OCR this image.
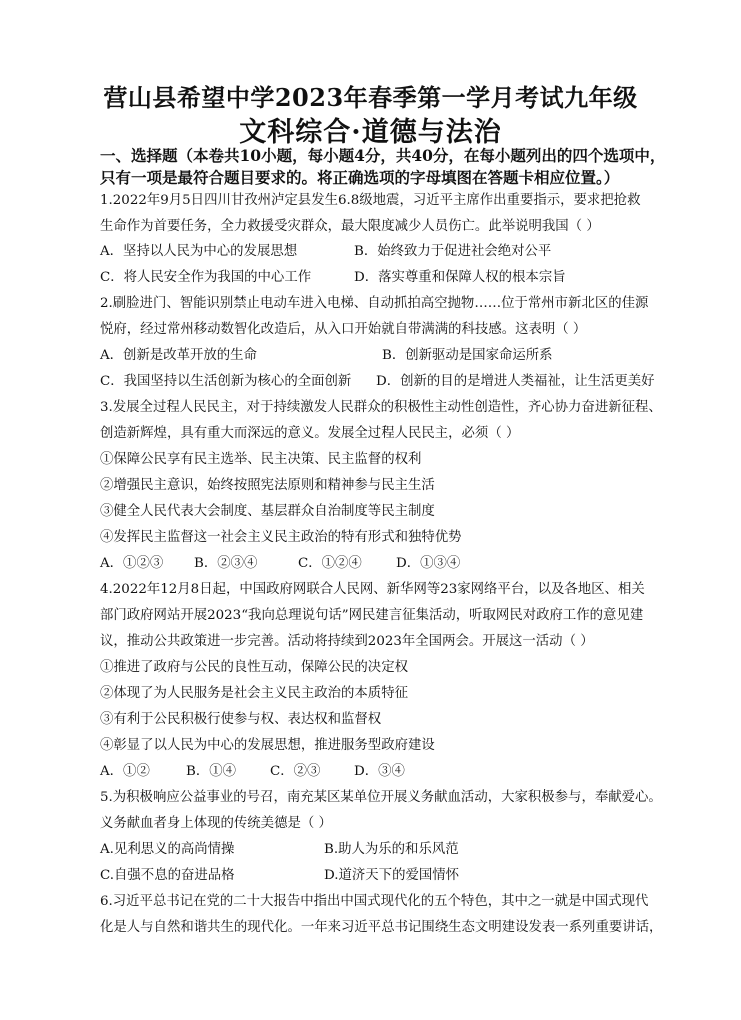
营山县希望中学2023年春季第一学月考试九年级
文科综合·道德与法治
一、选择题（本卷共10小题，每小题4分，共40分，在每小题列出的四个选项中，
只有一项是最符合题目要求的。将正确选项的字母填图在答题卡相应位置。）
1.2022年9月5日四川甘孜州泸定县发生6.8级地震，习近平主席作出重要指示，要求把抢救
生命作为首要任务，全力救援受灾群众，最大限度减少人员伤亡。此举说明我国（ ）
A．坚持以人民为中心的发展思想	B．始终致力于促进社会绝对公平
C．将人民安全作为我国的中心工作	D．落实尊重和保障人权的根本宗旨
2.刷脸进门、智能识别禁止电动车进入电梯、自动抓拍高空抛物……位于常州市新北区的佳源
悦府，经过常州移动数智化改造后，从入口开始就自带满满的科技感。这表明（ ）
A．创新是改革开放的生命	B．创新驱动是国家命运所系
C．我国坚持以生活创新为核心的全面创新 D．创新的目的是增进人类福祉，让生活更美好
3.发展全过程人民民主，对于持续激发人民群众的积极性主动性创造性，齐心协力奋进新征程、
创造新辉煌，具有重大而深远的意义。发展全过程人民民主，必须（ ）
①保障公民享有民主选举、民主决策、民主监督的权利
②增强民主意识，始终按照宪法原则和精神参与民主生活
③健全人民代表大会制度、基层群众自治制度等民主制度
④发挥民主监督这一社会主义民主政治的特有形式和独特优势
A．①②③ B．②③④	C．①②④	D．①③④
4.2022年12月8日起，中国政府网联合人民网、新华网等23家网络平台，以及各地区、相关
部门政府网站开展2023“我向总理说句话”网民建言征集活动，听取网民对政府工作的意见建
议，推动公共政策进一步完善。活动将持续到2023年全国两会。开展这一活动（ ）
①推进了政府与公民的良性互动，保障公民的决定权
②体现了为人民服务是社会主义民主政治的本质特征
③有利于公民积极行使参与权、表达权和监督权
④彰显了以人民为中心的发展思想，推进服务型政府建设
A．①②	B．①④	C．②③	D．③④
5.为积极响应公益事业的号召，南充某区某单位开展义务献血活动，大家积极参与，奉献爱心。
义务献血者身上体现的传统美德是（ ）
A.见利思义的高尚情操	B.助人为乐的和乐风范
C.自强不息的奋进品格	D.道济天下的爱国情怀
6.习近平总书记在党的二十大报告中指出中国式现代化的五个特色，其中之一就是中国式现代
化是人与自然和谐共生的现代化。一年来习近平总书记围绕生态文明建设发表一系列重要讲话，
